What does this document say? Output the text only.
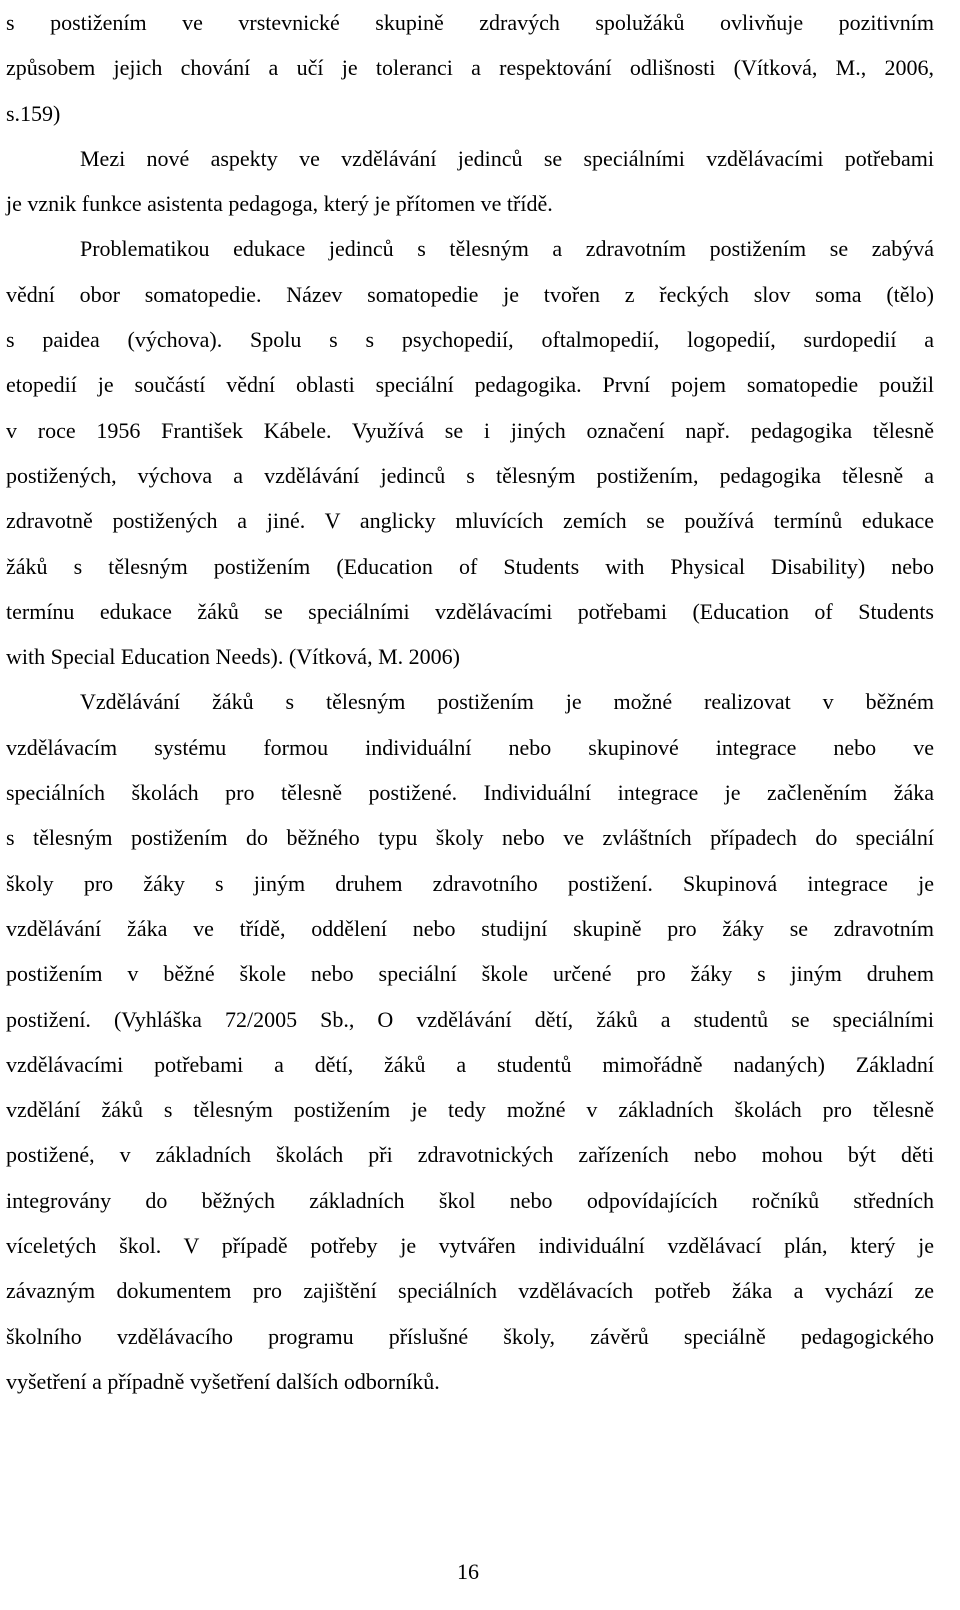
s postižením ve vrstevnické skupině zdravých spolužáků ovlivňuje pozitivním
způsobem jejich chování a učí je toleranci a respektování odlišnosti (Vítková, M., 2006,
s.159)
Mezi nové aspekty ve vzdělávání jedinců se speciálními vzdělávacími potřebami
je vznik funkce asistenta pedagoga, který je přítomen ve třídě.
Problematikou edukace jedinců s tělesným a zdravotním postižením se zabývá
vědní obor somatopedie. Název somatopedie je tvořen z řeckých slov soma (tělo)
s paidea (výchova). Spolu s s psychopedií, oftalmopedií, logopedií, surdopedií a
etopedií je součástí vědní oblasti speciální pedagogika. První pojem somatopedie použil
v roce 1956 František Kábele. Využívá se i jiných označení např. pedagogika tělesně
postižených, výchova a vzdělávání jedinců s tělesným postižením, pedagogika tělesně a
zdravotně postižených a jiné. V anglicky mluvících zemích se používá termínů edukace
žáků s tělesným postižením (Education of Students with Physical Disability) nebo
termínu edukace žáků se speciálními vzdělávacími potřebami (Education of Students
with Special Education Needs). (Vítková, M. 2006)
Vzdělávání žáků s tělesným postižením je možné realizovat v běžném
vzdělávacím systému formou individuální nebo skupinové integrace nebo ve
speciálních školách pro tělesně postižené. Individuální integrace je začleněním žáka
s tělesným postižením do běžného typu školy nebo ve zvláštních případech do speciální
školy pro žáky s jiným druhem zdravotního postižení. Skupinová integrace je
vzdělávání žáka ve třídě, oddělení nebo studijní skupině pro žáky se zdravotním
postižením v běžné škole nebo speciální škole určené pro žáky s jiným druhem
postižení. (Vyhláška 72/2005 Sb., O vzdělávání dětí, žáků a studentů se speciálními
vzdělávacími potřebami a dětí, žáků a studentů mimořádně nadaných) Základní
vzdělání žáků s tělesným postižením je tedy možné v základních školách pro tělesně
postižené, v základních školách při zdravotnických zařízeních nebo mohou být děti
integrovány do běžných základních škol nebo odpovídajících ročníků středních
víceletých škol. V případě potřeby je vytvářen individuální vzdělávací plán, který je
závazným dokumentem pro zajištění speciálních vzdělávacích potřeb žáka a vychází ze
školního vzdělávacího programu příslušné školy, závěrů speciálně pedagogického
vyšetření a případně vyšetření dalších odborníků.
16
